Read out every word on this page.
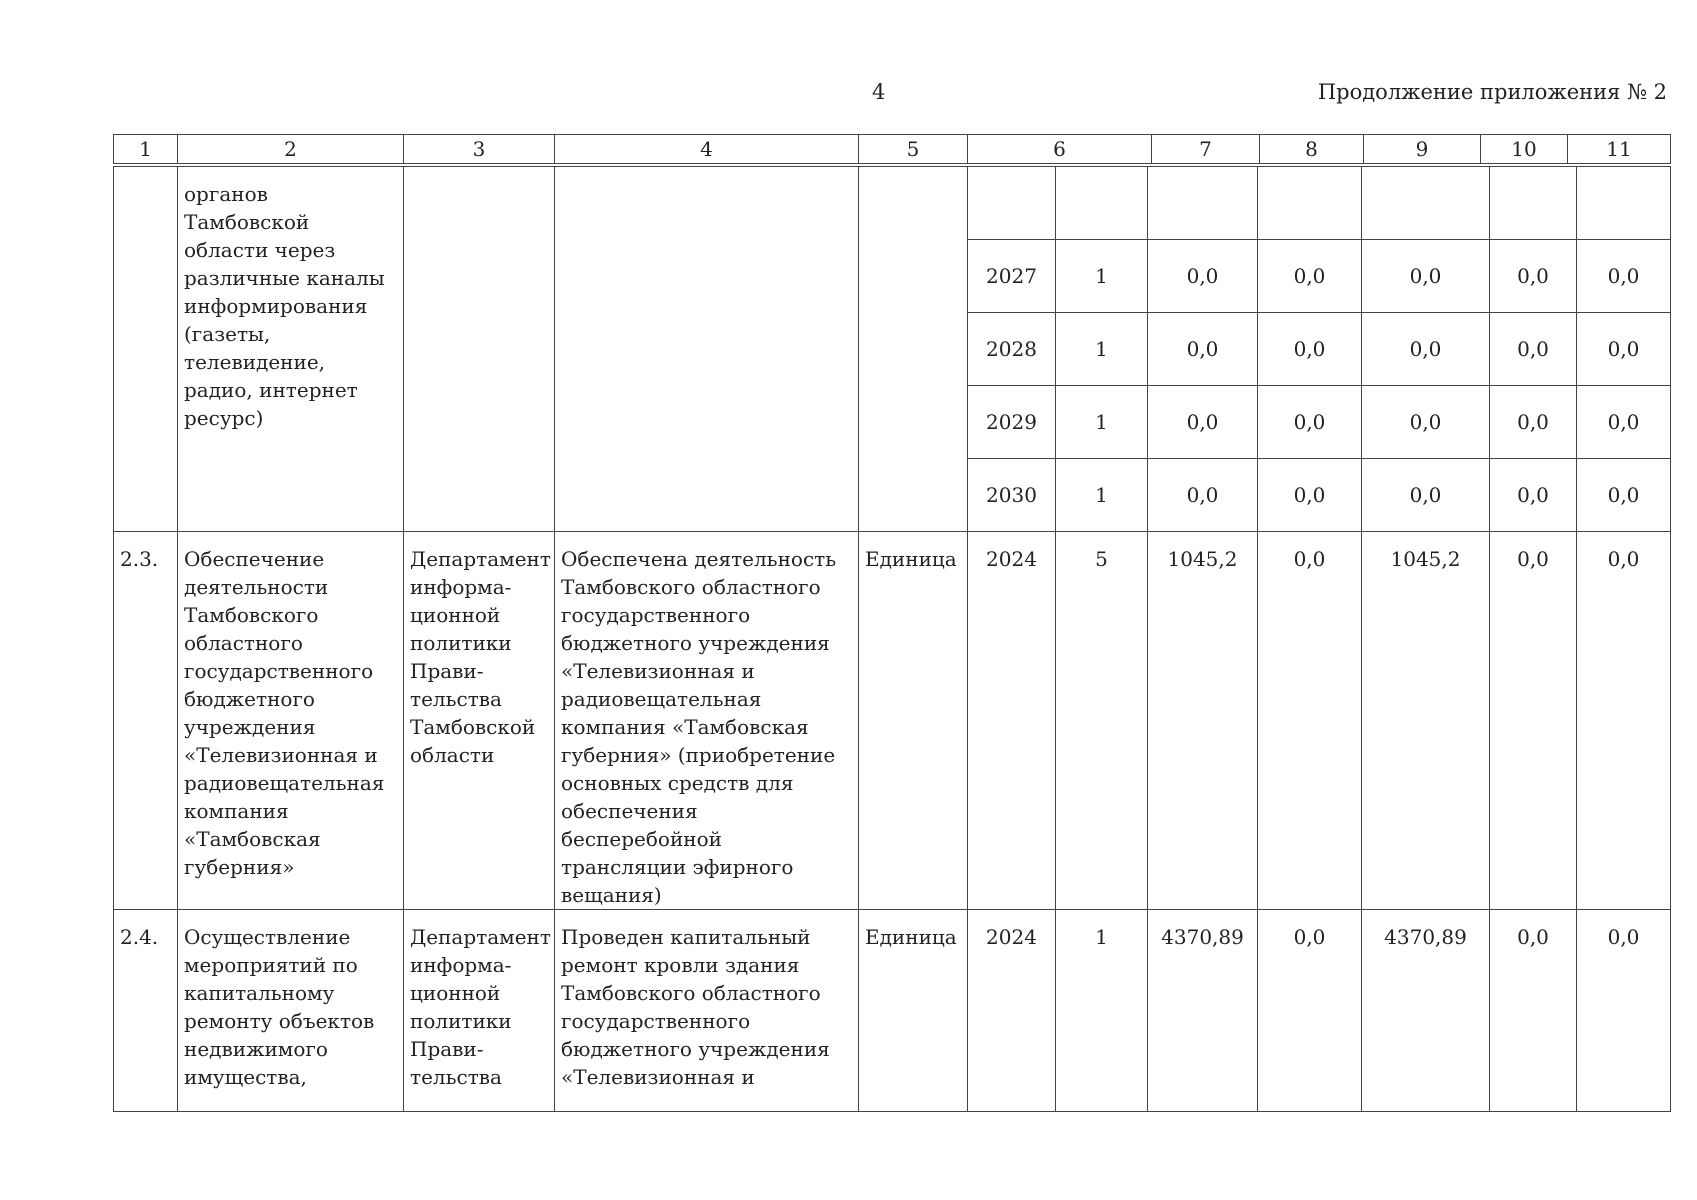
4	Продолжение приложения № 2
1	2	3	4	5	6	7	8	9	10	11
	органов Тамбовской области через различные каналы информирования (газеты, телевидение, радио, интернет ресурс)										
					2027	1	0,0	0,0	0,0	0,0	0,0
					2028	1	0,0	0,0	0,0	0,0	0,0
					2029	1	0,0	0,0	0,0	0,0	0,0
					2030	1	0,0	0,0	0,0	0,0	0,0
2.3.	Обеспечение деятельности Тамбовского областного государственного бюджетного учреждения «Телевизионная и радиовещательная компания «Тамбовская губерния»	Департамент информа-ционной политики Прави-тельства Тамбовской области	Обеспечена деятельность Тамбовского областного государственного бюджетного учреждения «Телевизионная и радиовещательная компания «Тамбовская губерния» (приобретение основных средств для обеспечения бесперебойной трансляции эфирного вещания)	Единица	2024	5	1045,2	0,0	1045,2	0,0	0,0
2.4.	Осуществление мероприятий по капитальному ремонту объектов недвижимого имущества,	Департамент информа-ционной политики Прави-тельства	Проведен капитальный ремонт кровли здания Тамбовского областного государственного бюджетного учреждения «Телевизионная и	Единица	2024	1	4370,89	0,0	4370,89	0,0	0,0
